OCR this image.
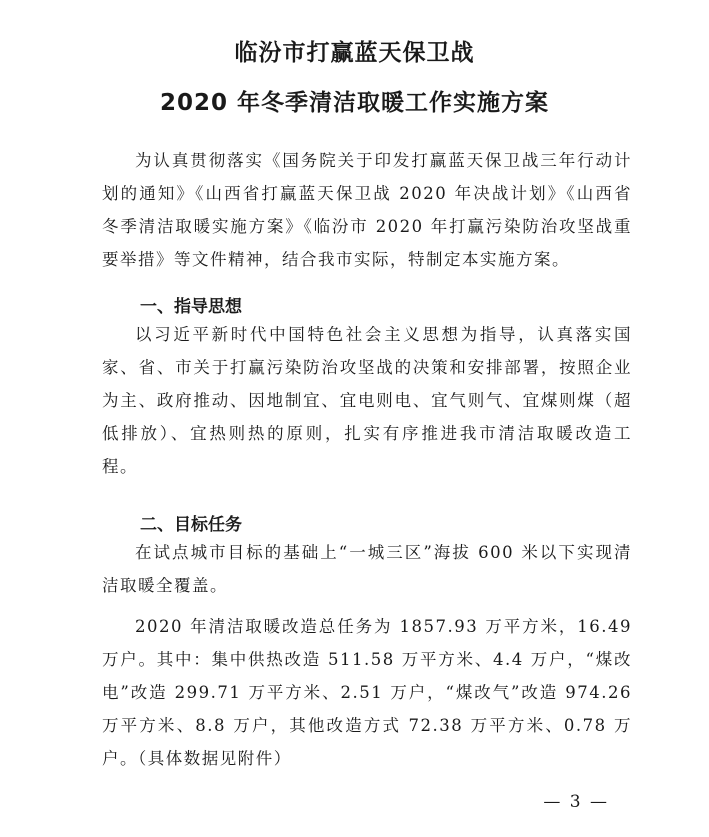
临汾市打赢蓝天保卫战
2020 年冬季清洁取暖工作实施方案
为认真贯彻落实《国务院关于印发打赢蓝天保卫战三年行动计划的通知》《山西省打赢蓝天保卫战 2020 年决战计划》《山西省冬季清洁取暖实施方案》《临汾市 2020 年打赢污染防治攻坚战重要举措》等文件精神，结合我市实际，特制定本实施方案。
一、指导思想
以习近平新时代中国特色社会主义思想为指导，认真落实国家、省、市关于打赢污染防治攻坚战的决策和安排部署，按照企业为主、政府推动、因地制宜、宜电则电、宜气则气、宜煤则煤（超低排放）、宜热则热的原则，扎实有序推进我市清洁取暖改造工程。
二、目标任务
在试点城市目标的基础上“一城三区”海拔 600 米以下实现清洁取暖全覆盖。
2020 年清洁取暖改造总任务为 1857.93 万平方米，16.49 万户。其中：集中供热改造 511.58 万平方米、4.4 万户，“煤改电”改造 299.71 万平方米、2.51 万户，“煤改气”改造 974.26 万平方米、8.8 万户，其他改造方式 72.38 万平方米、0.78 万户。（具体数据见附件）
— 3 —
